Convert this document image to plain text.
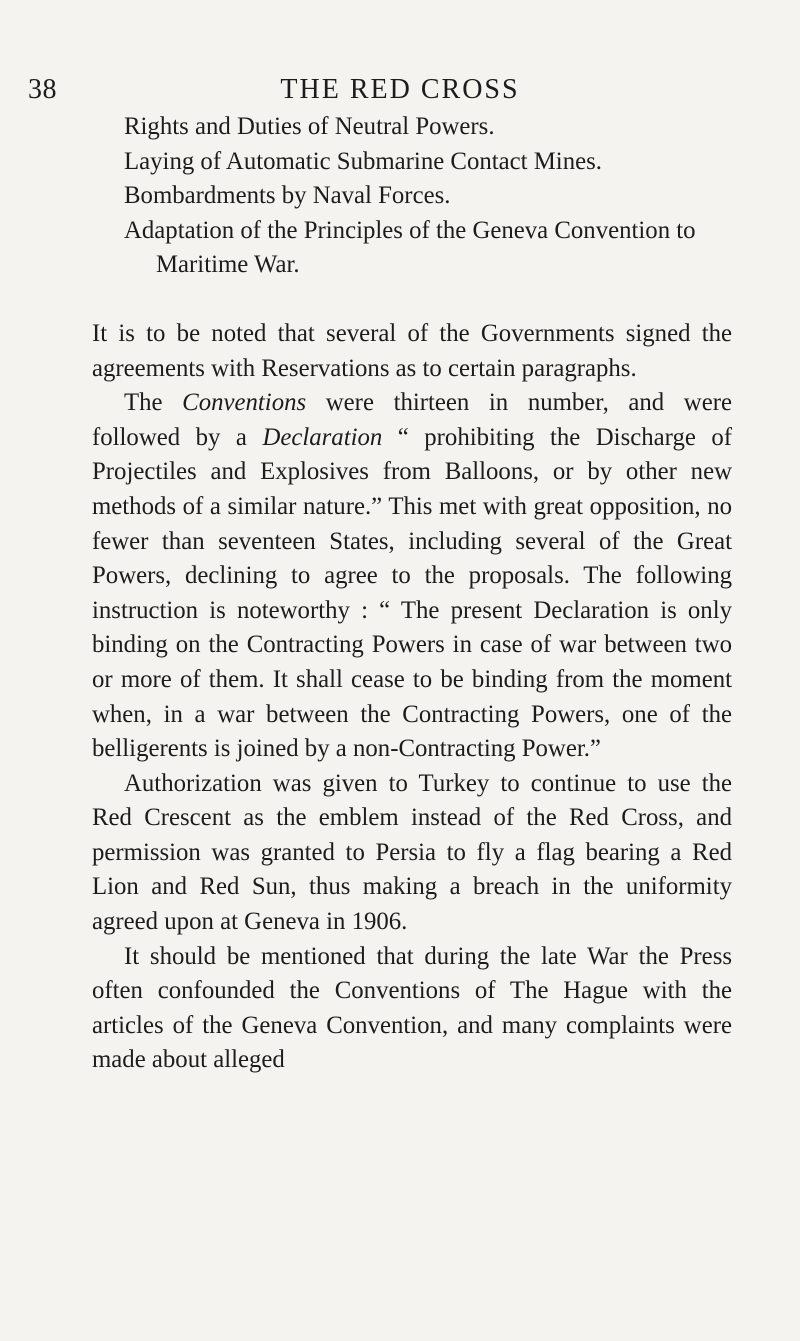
38	THE RED CROSS
Rights and Duties of Neutral Powers.
Laying of Automatic Submarine Contact Mines.
Bombardments by Naval Forces.
Adaptation of the Principles of the Geneva Convention to Maritime War.

It is to be noted that several of the Governments signed the agreements with Reservations as to certain paragraphs.

The Conventions were thirteen in number, and were followed by a Declaration “ prohibiting the Discharge of Projectiles and Explosives from Balloons, or by other new methods of a similar nature.” This met with great opposition, no fewer than seventeen States, including several of the Great Powers, declining to agree to the proposals. The following instruction is noteworthy : “ The present Declaration is only binding on the Contracting Powers in case of war between two or more of them. It shall cease to be binding from the moment when, in a war between the Contracting Powers, one of the belligerents is joined by a non-Contracting Power.”

Authorization was given to Turkey to continue to use the Red Crescent as the emblem instead of the Red Cross, and permission was granted to Persia to fly a flag bearing a Red Lion and Red Sun, thus making a breach in the uniformity agreed upon at Geneva in 1906.

It should be mentioned that during the late War the Press often confounded the Conventions of The Hague with the articles of the Geneva Convention, and many complaints were made about alleged
